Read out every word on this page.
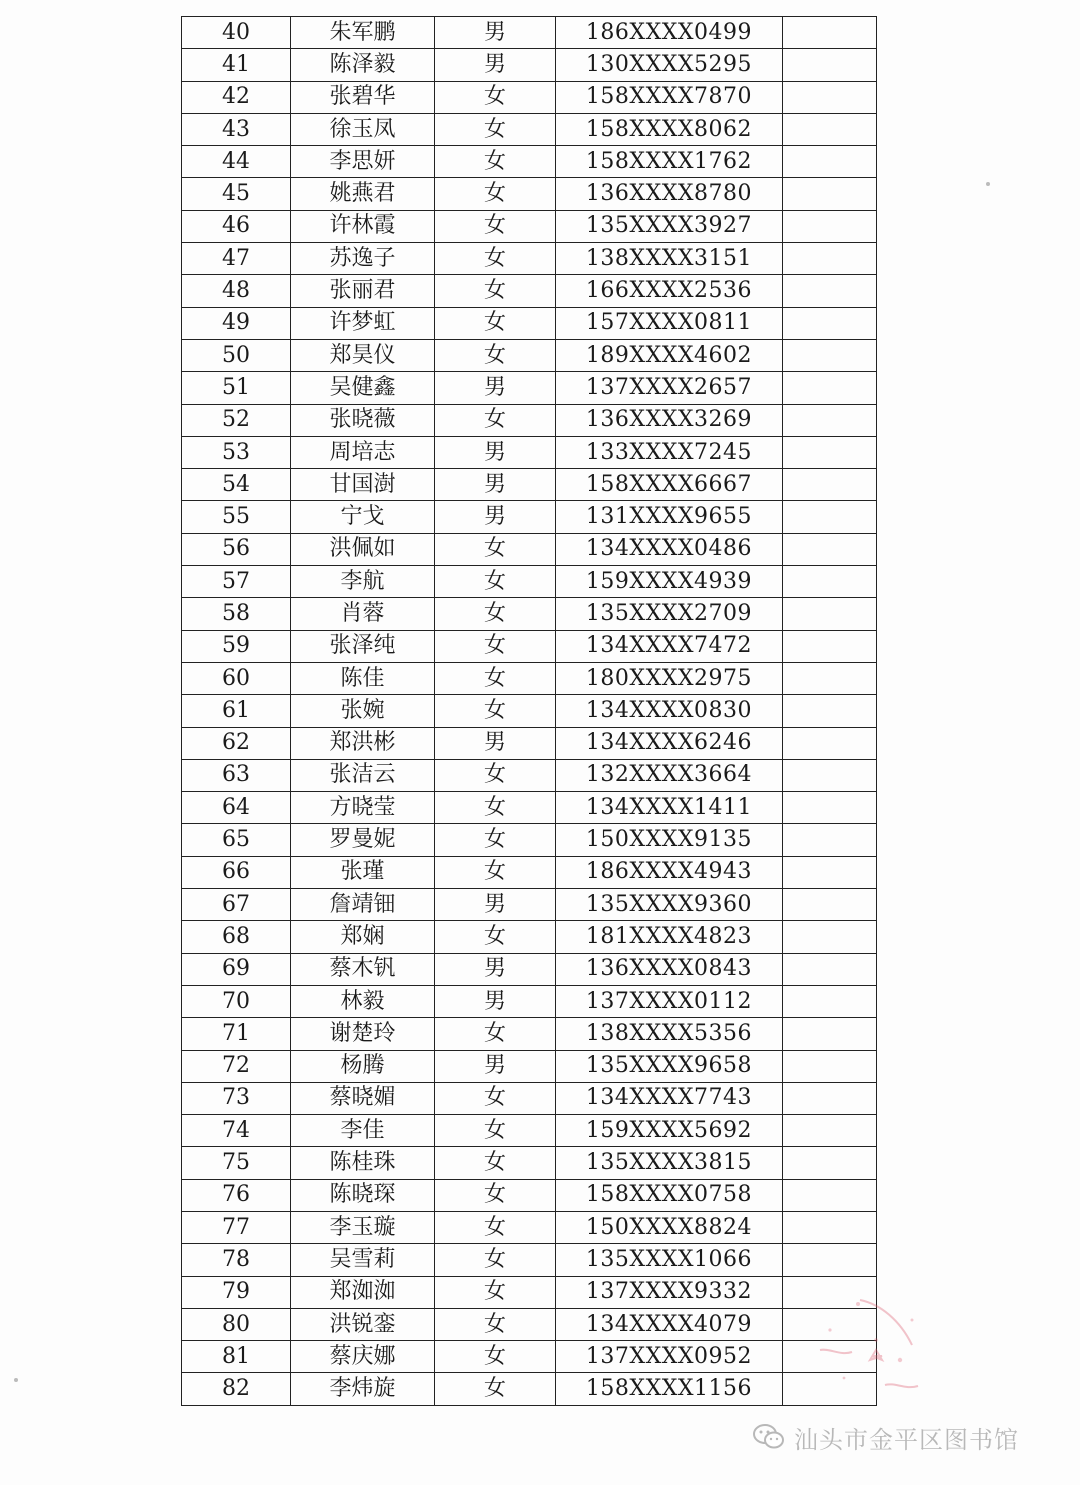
40	朱军鹏	男	186XXXX0499	
41	陈泽毅	男	130XXXX5295	
42	张碧华	女	158XXXX7870	
43	徐玉凤	女	158XXXX8062	
44	李思妍	女	158XXXX1762	
45	姚燕君	女	136XXXX8780	
46	许林霞	女	135XXXX3927	
47	苏逸子	女	138XXXX3151	
48	张丽君	女	166XXXX2536	
49	许梦虹	女	157XXXX0811	
50	郑昊仪	女	189XXXX4602	
51	吴健鑫	男	137XXXX2657	
52	张晓薇	女	136XXXX3269	
53	周培志	男	133XXXX7245	
54	甘国澍	男	158XXXX6667	
55	宁戈	男	131XXXX9655	
56	洪佩如	女	134XXXX0486	
57	李航	女	159XXXX4939	
58	肖蓉	女	135XXXX2709	
59	张泽纯	女	134XXXX7472	
60	陈佳	女	180XXXX2975	
61	张婉	女	134XXXX0830	
62	郑洪彬	男	134XXXX6246	
63	张洁云	女	132XXXX3664	
64	方晓莹	女	134XXXX1411	
65	罗曼妮	女	150XXXX9135	
66	张瑾	女	186XXXX4943	
67	詹靖钿	男	135XXXX9360	
68	郑娴	女	181XXXX4823	
69	蔡木钒	男	136XXXX0843	
70	林毅	男	137XXXX0112	
71	谢楚玲	女	138XXXX5356	
72	杨腾	男	135XXXX9658	
73	蔡晓媚	女	134XXXX7743	
74	李佳	女	159XXXX5692	
75	陈桂珠	女	135XXXX3815	
76	陈晓琛	女	158XXXX0758	
77	李玉璇	女	150XXXX8824	
78	吴雪莉	女	135XXXX1066	
79	郑洳洳	女	137XXXX9332	
80	洪锐銮	女	134XXXX4079	
81	蔡庆娜	女	137XXXX0952	
82	李炜旋	女	158XXXX1156	
汕头市金平区图书馆
